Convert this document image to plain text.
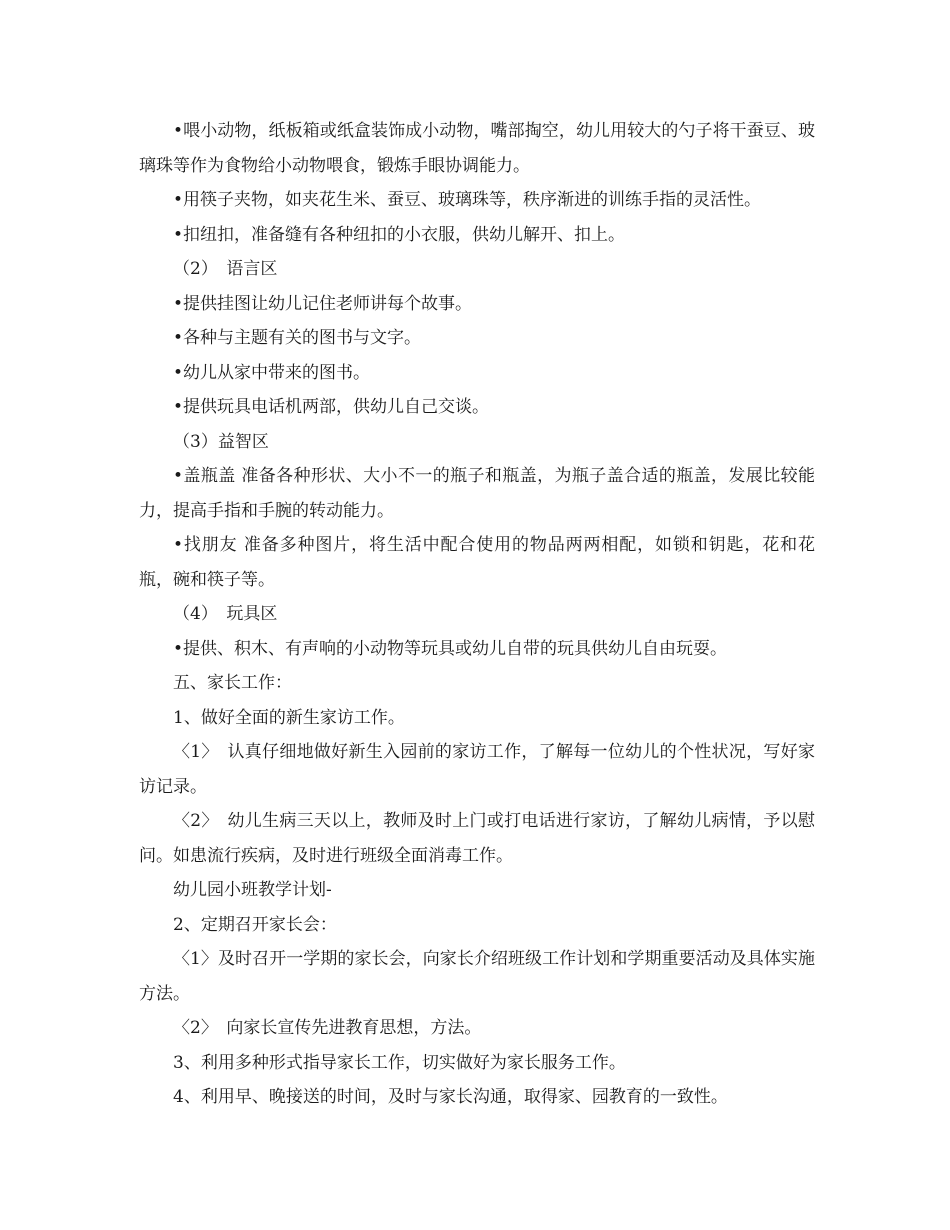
•喂小动物，纸板箱或纸盒装饰成小动物，嘴部掏空，幼儿用较大的勺子将干蚕豆、玻璃珠等作为食物给小动物喂食，锻炼手眼协调能力。

•用筷子夹物，如夹花生米、蚕豆、玻璃珠等，秩序渐进的训练手指的灵活性。

•扣纽扣，准备缝有各种纽扣的小衣服，供幼儿解开、扣上。

（2）　语言区

•提供挂图让幼儿记住老师讲每个故事。

•各种与主题有关的图书与文字。

•幼儿从家中带来的图书。

•提供玩具电话机两部，供幼儿自己交谈。

（3）益智区

•盖瓶盖 准备各种形状、大小不一的瓶子和瓶盖，为瓶子盖合适的瓶盖，发展比较能力，提高手指和手腕的转动能力。

•找朋友 准备多种图片，将生活中配合使用的物品两两相配，如锁和钥匙，花和花瓶，碗和筷子等。

（4）　玩具区

•提供、积木、有声响的小动物等玩具或幼儿自带的玩具供幼儿自由玩耍。

五、家长工作：

1、做好全面的新生家访工作。

〈1〉　认真仔细地做好新生入园前的家访工作，了解每一位幼儿的个性状况，写好家访记录。

〈2〉　幼儿生病三天以上，教师及时上门或打电话进行家访，了解幼儿病情，予以慰问。如患流行疾病，及时进行班级全面消毒工作。

幼儿园小班教学计划-

2、定期召开家长会：

〈1〉及时召开一学期的家长会，向家长介绍班级工作计划和学期重要活动及具体实施方法。

〈2〉　向家长宣传先进教育思想，方法。

3、利用多种形式指导家长工作，切实做好为家长服务工作。

4、利用早、晚接送的时间，及时与家长沟通，取得家、园教育的一致性。
